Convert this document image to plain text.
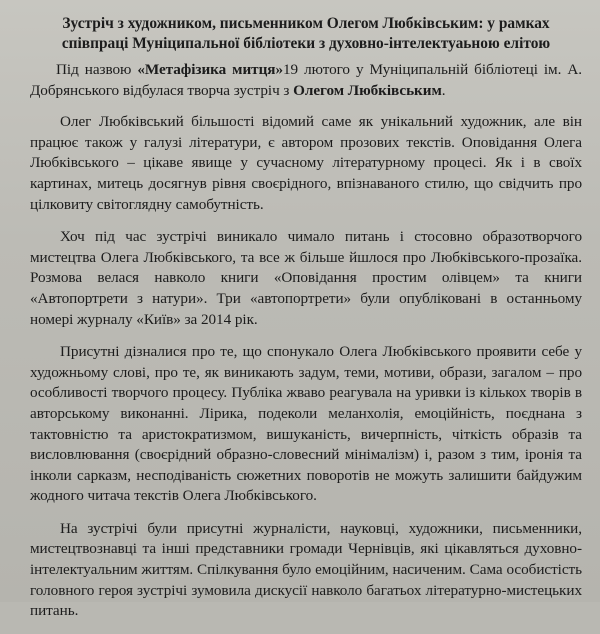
Зустріч з художником, письменником Олегом Любківським: у рамках співпраці Муніципальної бібліотеки з духовно-інтелектуаьною елітою

Під назвою «Метафізика митця»19 лютого у Муніципальній бібліотеці ім. А. Добрянського відбулася творча зустріч з Олегом Любківським.

Олег Любківський більшості відомий саме як унікальний художник, але він працює також у галузі літератури, є автором прозових текстів. Оповідання Олега Любківського – цікаве явище у сучасному літературному процесі. Як і в своїх картинах, митець досягнув рівня своєрідного, впізнаваного стилю, що свідчить про цілковиту світоглядну самобутність.

Хоч під час зустрічі виникало чимало питань і стосовно образотворчого мистецтва Олега Любківського, та все ж більше йшлося про Любківського-прозаїка. Розмова велася навколо книги «Оповідання простим олівцем» та книги «Автопортрети з натури». Три «автопортрети» були опубліковані в останньому номері журналу «Київ» за 2014 рік.

Присутні дізналися про те, що спонукало Олега Любківського проявити себе у художньому слові, про те, як виникають задум, теми, мотиви, образи, загалом – про особливості творчого процесу. Публіка жваво реагувала на уривки із кількох творів в авторському виконанні. Лірика, подеколи меланхолія, емоційність, поєднана з тактовністю та аристократизмом, вишуканість, вичерпність, чіткість образів та висловлювання (своєрідний образно-словесний мінімалізм) і, разом з тим, іронія та інколи сарказм, несподіваність сюжетних поворотів не можуть залишити байдужим жодного читача текстів Олега Любківського.

На зустрічі були присутні журналісти, науковці, художники, письменники, мистецтвознавці та інші представники громади Чернівців, які цікавляться духовно-інтелектуальним життям. Спілкування було емоційним, насиченим. Сама особистість головного героя зустрічі зумовила дискусії навколо багатьох літературно-мистецьких питань.
